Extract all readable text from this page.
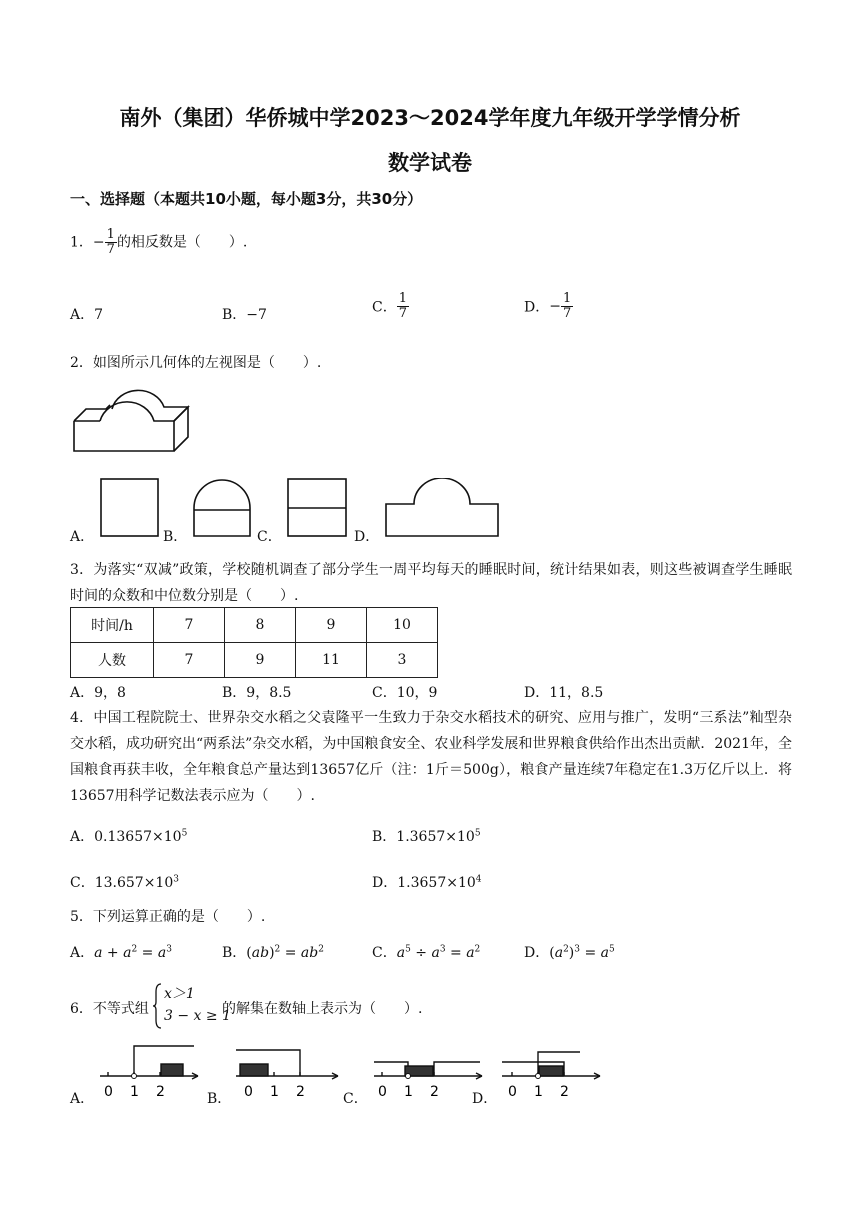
南外（集团）华侨城中学2023～2024学年度九年级开学学情分析
数学试卷
一、选择题（本题共10小题，每小题3分，共30分）
1．− $\frac{1}{7}$ 的相反数是（　　）.
A．7	B．−7	C． $\frac{1}{7}$	D．− $\frac{1}{7}$
2．如图所示几何体的左视图是（　　）.
A．	B．	C．	D．
3．为落实“双减”政策，学校随机调查了部分学生一周平均每天的睡眠时间，统计结果如表，则这些被调查学生睡眠时间的众数和中位数分别是（　　）.
时间/h	7	8	9	10
人数	7	9	11	3
A．9，8	B．9，8.5	C．10，9	D．11，8.5
4．中国工程院院士、世界杂交水稻之父袁隆平一生致力于杂交水稻技术的研究、应用与推广，发明“三系法”籼型杂交水稻，成功研究出“两系法”杂交水稻，为中国粮食安全、农业科学发展和世界粮食供给作出杰出贡献．2021年，全国粮食再获丰收，全年粮食总产量达到13657亿斤（注：1斤＝500g），粮食产量连续7年稳定在1.3万亿斤以上．将13657用科学记数法表示应为（　　）.
A．$0.13657\times 10^5$	B．$1.3657\times 10^5$
C．$13.657\times 10^3$	D．$1.3657\times 10^4$
5．下列运算正确的是（　　）.
A．$a + a^2 = a^3$	B．$(ab)^2 = ab^2$	C．$a^5 \div a^3 = a^2$	D．$(a^2)^3 = a^5$
6．不等式组
x＞1
3 − x ≥ 1
的解集在数轴上表示为（　　）.
A． 0 1 2	B． 0 1 2	C． 0 1 2 D． 0 1 2
